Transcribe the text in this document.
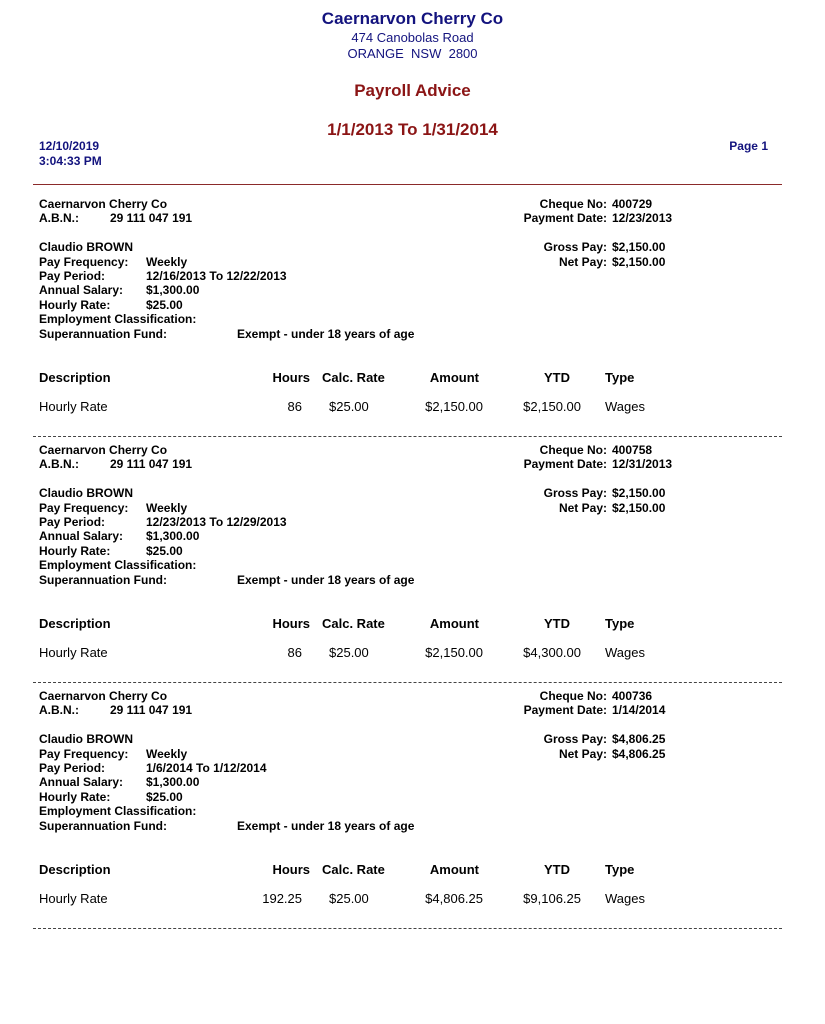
Caernarvon Cherry Co
474 Canobolas Road
ORANGE  NSW  2800
Payroll Advice
1/1/2013 To 1/31/2014
12/10/2019
3:04:33 PM
Page 1
Caernarvon Cherry Co
A.B.N.:	29 111 047 191
Cheque No: 400729
Payment Date: 12/23/2013
Claudio BROWN
Pay Frequency: Weekly
Pay Period:	12/16/2013 To 12/22/2013
Annual Salary: $1,300.00
Hourly Rate:	$25.00
Employment Classification:
Superannuation Fund:	Exempt - under 18 years of age
Gross Pay: $2,150.00
Net Pay: $2,150.00
Description	Hours Calc. Rate	Amount	YTD	Type
Hourly Rate	86 $25.00	$2,150.00	$2,150.00 Wages
Caernarvon Cherry Co
A.B.N.:	29 111 047 191
Cheque No: 400758
Payment Date: 12/31/2013
Claudio BROWN
Pay Frequency: Weekly
Pay Period:	12/23/2013 To 12/29/2013
Annual Salary: $1,300.00
Hourly Rate:	$25.00
Employment Classification:
Superannuation Fund:	Exempt - under 18 years of age
Gross Pay: $2,150.00
Net Pay: $2,150.00
Description	Hours Calc. Rate	Amount	YTD	Type
Hourly Rate	86 $25.00	$2,150.00	$4,300.00 Wages
Caernarvon Cherry Co
A.B.N.:	29 111 047 191
Cheque No: 400736
Payment Date: 1/14/2014
Claudio BROWN
Pay Frequency: Weekly
Pay Period:	1/6/2014 To 1/12/2014
Annual Salary: $1,300.00
Hourly Rate:	$25.00
Employment Classification:
Superannuation Fund:	Exempt - under 18 years of age
Gross Pay: $4,806.25
Net Pay: $4,806.25
Description	Hours Calc. Rate	Amount	YTD	Type
Hourly Rate	192.25 $25.00	$4,806.25	$9,106.25 Wages
